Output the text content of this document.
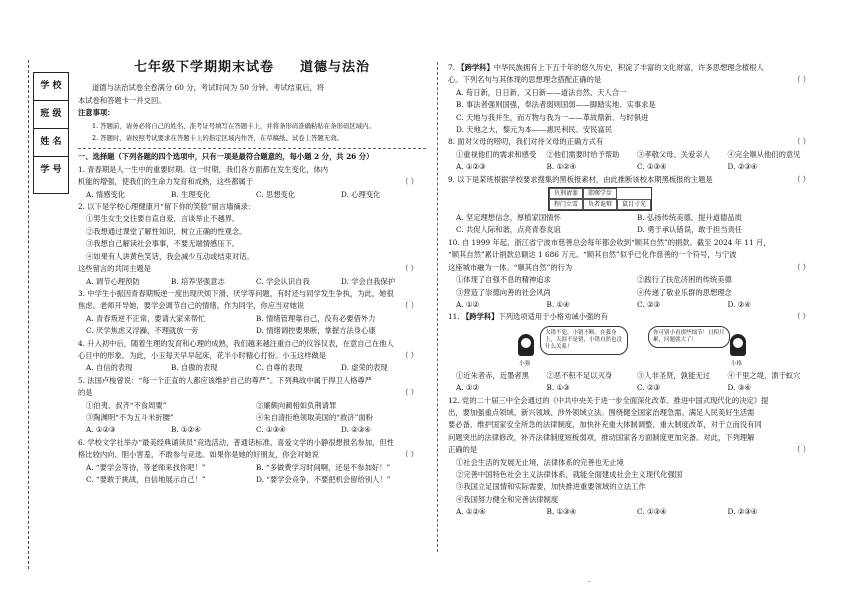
学 校
班 级
姓 名
学 号
七年级下学期期末试卷 道德与法治
道德与法治试卷全卷满分 60 分，考试时间为 50 分钟。考试结束后，将
本试卷和答题卡一并交回。
注意事项：
1. 答题前，请务必将自己的姓名、准考证号填写在答题卡上，并将条形码准确粘贴在条形码区域内。
2. 答题时，请按照考试要求在答题卡上的指定区域内作答，在草稿纸、试卷上答题无效。
一、选择题（下列各题的四个选项中，只有一项是最符合题意的，每小题 2 分，共 26 分）
1. 青春期是人一生中的重要时期。这一时期，我们各方面都在发生变化，体内
机能的增强，使我们的生命力发育和成熟，这些都属于	（ ）
A. 情感变化	B. 生理变化	C. 思想变化	D. 心理变化
2. 以下是学校心理健康月“留下你的笑脸”留言墙摘录：
①男生女生交往要自直自爱，言谈举止不越界。
②我想通过课堂了解性知识，树立正确的性观念。
③我想自己解读社会事事，不要无端情感压下。
④如果有人讲黄色笑话，我会减少互动或结束对话。
这些留言的共同主题是	（ ）
A. 调节心理预防	B. 培养坚强意志	C. 学会认识自我	D. 学会自我保护
3. 中学生小振因青春期叛逆一度出现厌烦下滑、厌学等问题，有时还与同学发生争执，为此，她很
焦虑。老师开导她，要学会调节自己的情绪。作为同学，你应当对她说	（ ）
A. 青春叛逆不正常，要请大家来帮忙	B. 情绪管理靠自己，没有必要借外力
C. 厌学焦虑又浮躁，不理就放一旁	D. 情绪调控要果断，掌握方法身心康
4. 升入初中后，随着生理的发育和心理的成熟，我们越来越注重自己的仪容仪表，在意自己在他人
心目中的形象。为此，小玉每天早早起床，花半小时精心打扮。小玉这样做是	（ ）
A. 自信的表现	B. 自傲的表现	C. 自尊的表现	D. 虚荣的表现
5. 法国卢梭曾说：“每一个正直的人都应该维护自己的尊严”。下列典故中属于捍卫人格尊严
的是	（ ）
①伯夷、叔齐“不食周粟”	②廉颇向蔺相如负荆请罪
③陶渊明“不为五斗米折腰”	④朱自清拒绝领取美国的“救济”面粉
A. ①②③	B. ①②④	C. ①③④	D. ②③④
6. 学校文学社举办“最美经典诵读员”竞选活动，普通话标准、喜爱文学的小静很想报名参加，但性
格比较内向、胆小害羞，不敢参与竞选。如果你是她的好朋友，你会对她说	（ ）
A. “要学会等待，等老师来找你吧！”	B. “多做费学习时间啊，还是不参加好！”
C. “要敢于挑战，自信地展示自己！”	D. “要学会竞争，不要把机会留给别人！”
7. 【跨学科】中华民族拥有上下五千年的悠久历史，积淀了丰富的文化财富，许多思想理念植根人
心。下列名句与其体现的思想理念搭配正确的是	（ ）
A. 苟日新，日日新，又日新——道法自然、天人合一
B. 事法者强则国强，奉法者弱则国弱——脚踏实地、实事求是
C. 天地与我并生，而万物与我为一——革故鼎新、与时俱进
D. 天地之大，黎元为本——惠民利民、安民富民
8. 面对父母的唠叨，我们对待父母的正确方式有	（ ）
①重视他们的需求和感受	②他们需要时给予帮助	③孝敬父母、关爱亲人	④完全顺从他们的意见
A. ①②③	B. ①②④	C. ①③④	D. ②③④
9. 以下是某班根据学校要求搜集的黑板报素材，由此推断该校本期黑板报的主题是	（ ）
负荆请罪	邯郸学步
程门立雪	负者诡辩	鼠目寸光
A. 坚定理想信念，厚植家国情怀	B. 弘扬传统美德，提升道德品质
C. 共促人际和谐，点亮青春友谊	D. 勇于承认错误，敢于担当责任
10. 自 1999 年起，浙江省宁波市慈善总会每年都会收到“顺其自然”的捐款。截至 2024 年 11 月，
“顺其自然”累计捐款总额达 1 686 万元。“顺其自然”似乎已化作慈善的一个符号，与宁波
这座城市融为一体。“顺其自然”的行为	（ ）
①体现了自强不息的精神追求	②践行了扶危济困的传统美德
③营造了崇德向善的社会风尚	④传递了敬业乐群的思想理念
A. ①②	B. ①④	C. ②③	D. ②④
11. 【跨学科】下列选项适用于小格劝诫小强的有	（ ）
小强
大错不犯，小错不断。在我身上，天涯不是错，小错自然也没什么关系！
你可别小看那些细节！日积月累，问题就大了！
小格
①近朱者赤，近墨者黑	②恶不积不足以灭身	③人非圣贤，孰能无过	④千里之堤，溃于蚁穴
A. ①②	B. ①③	C. ②③	D. ③④
12. 党的二十届三中全会通过的《中共中央关于进一步全面深化改革、推进中国式现代化的决定》提
出，要加强重点领域、新兴领域、涉外领域立法。围绕健全国家治理急需、满足人民美好生活需
要必备、维护国家安全所急的法律制度，加快补充重大体制调整、重大制度改革，对于立而没有同
问题突出的法律修改，补齐法律制度短板弱项，推动国家各方面制度更加完备。对此，下列理解
正确的是	（ ）
①社会生活的发展无止境，法律体系的完善也无止境
②完善中国特色社会主义法律体系，就能全面建成社会主义现代化强国
③我国立足国情和实际需要，加快推进重要领域的立法工作
④我国努力健全和完善法律制度
A. ①②④	B. ①③④	C. ①③④	D. ②③④
·
